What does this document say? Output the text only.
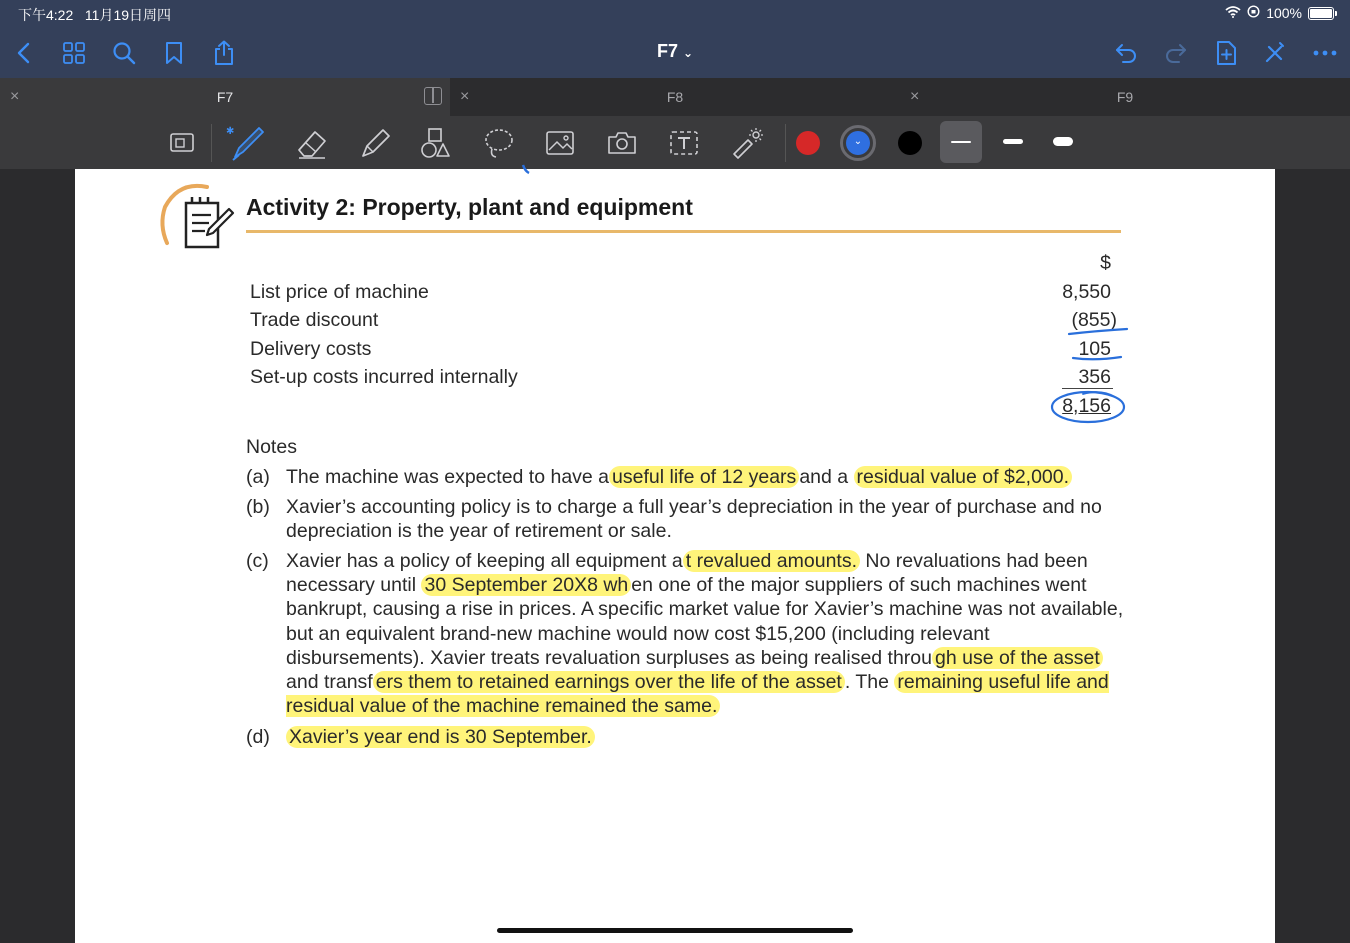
下午4:22 11月19日周四	100%
F7 ⌄
×	F7	×	F8	×	F9
✱
⌄
Activity 2: Property, plant and equipment
$
List price of machine	8,550
Trade discount	(855)
Delivery costs	105
Set-up costs incurred internally	356
8,156
Notes
(a) The machine was expected to have a useful life of 12 years and a residual value of $2,000.
(b) Xavier’s accounting policy is to charge a full year’s depreciation in the year of purchase and no depreciation is the year of retirement or sale.
(c) Xavier has a policy of keeping all equipment a t revalued amounts. No revaluations had been necessary until 30 September 20X8 wh en one of the major suppliers of such machines went bankrupt, causing a rise in prices. A specific market value for Xavier’s machine was not available, but an equivalent brand-new machine would now cost $15,200 (including relevant disbursements). Xavier treats revaluation surpluses as being realised throu gh use of the asset and transf ers them to retained earnings over the life of the asset . The remaining useful life and residual value of the machine remained the same.
(d) Xavier’s year end is 30 September.
